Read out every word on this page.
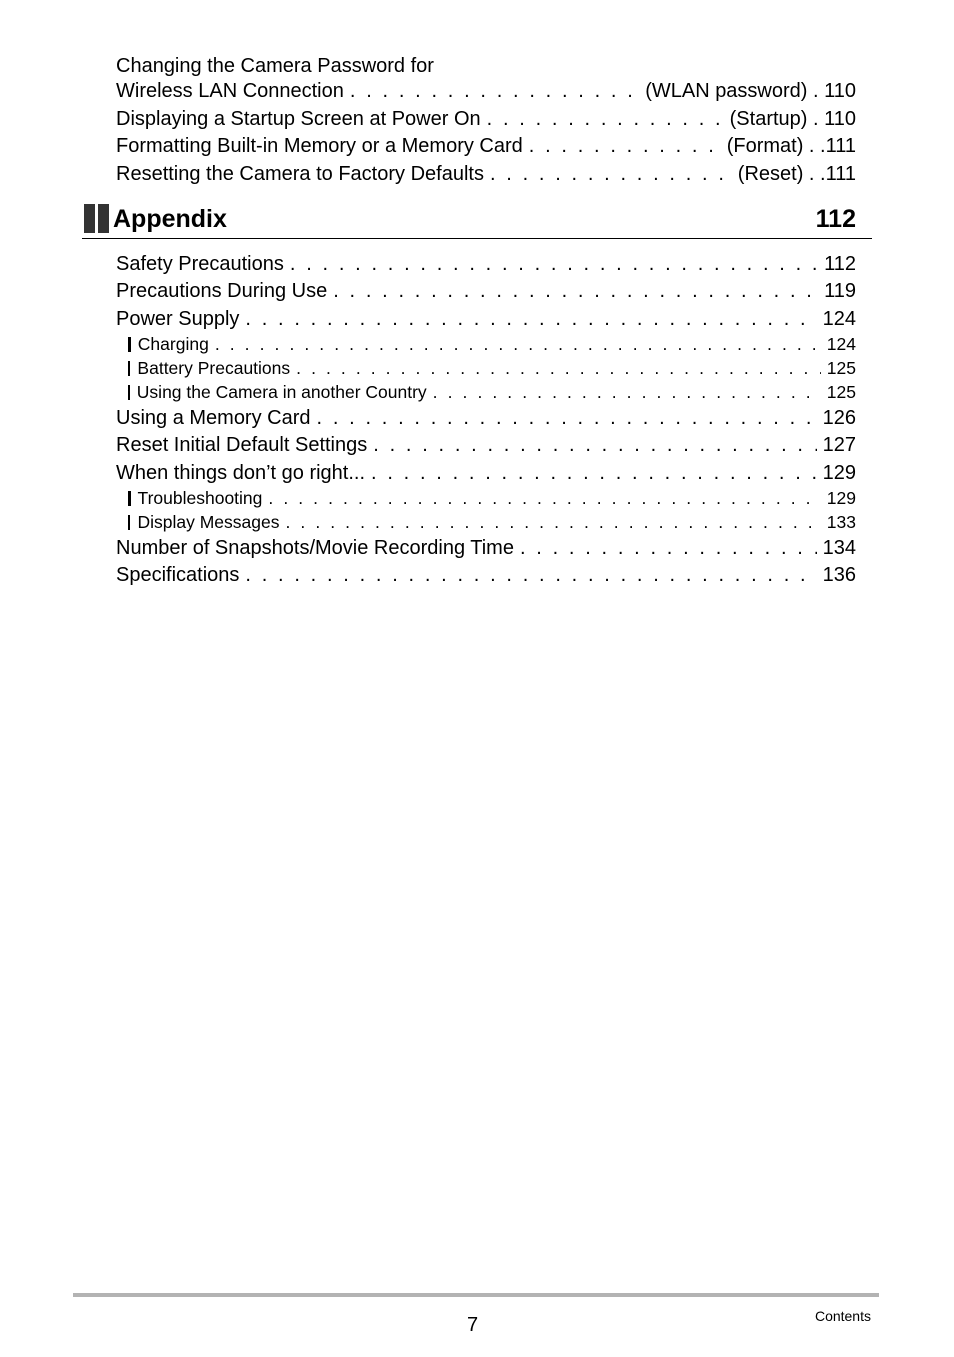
Changing the Camera Password for
Wireless LAN Connection . . .	(WLAN password) . 110
Displaying a Startup Screen at Power On . . .	(Startup) . 110
Formatting Built-in Memory or a Memory Card . . .	(Format) . .111
Resetting the Camera to Factory Defaults . . .	(Reset) . .111
Appendix	112
Safety Precautions . . .	112
Precautions During Use . . .	119
Power Supply . . .	124
Charging . . .	124
Battery Precautions . . .	125
Using the Camera in another Country . . .	125
Using a Memory Card . . .	126
Reset Initial Default Settings . . .	127
When things don’t go right... . . .	129
Troubleshooting . . .	129
Display Messages . . .	133
Number of Snapshots/Movie Recording Time . . .	134
Specifications . . .	136
7	Contents
